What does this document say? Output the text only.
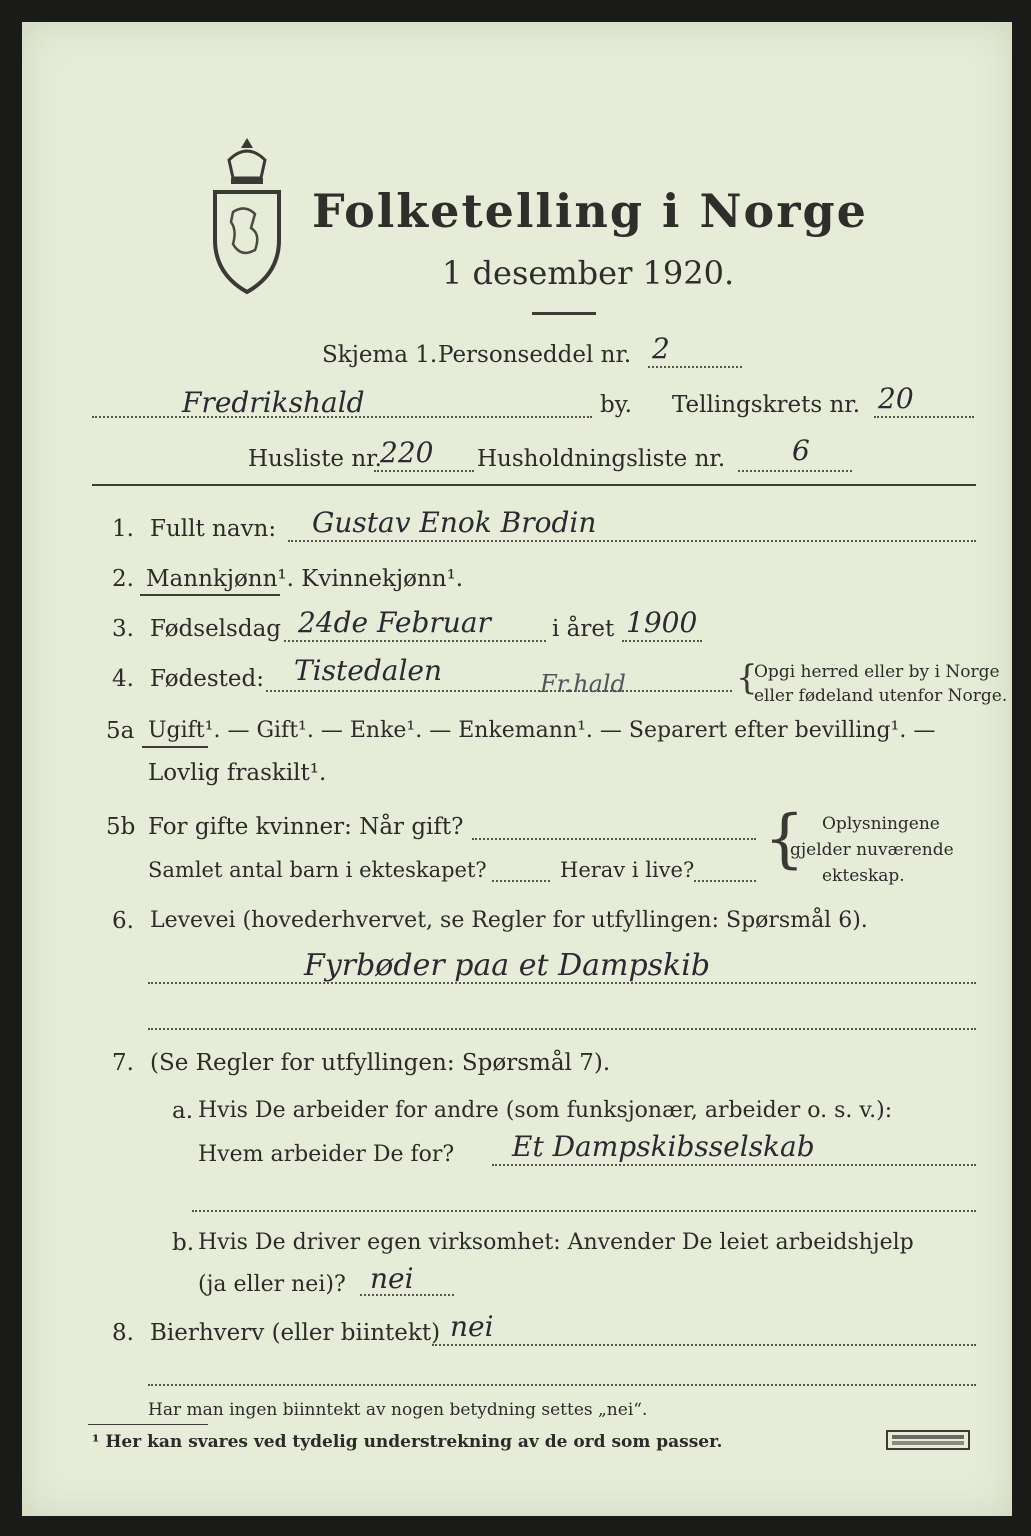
Folketelling i Norge
1 desember 1920.
Skjema 1. Personseddel nr. 2
Fredrikshald	by. Tellingskrets nr. 20
Husliste nr.
220 Husholdningsliste nr. 6
1. Fullt navn: Gustav Enok Brodin
2. Mannkjønn¹. Kvinnekjønn¹.
3. Fødselsdag 24de Februar	i året 1900
4. Fødested: Tistedalen	Fr.hald	{
Opgi herred eller by i Norge
eller fødeland utenfor Norge.
5a Ugift¹. — Gift¹. — Enke¹. — Enkemann¹. — Separert efter bevilling¹. —
Lovlig fraskilt¹.
5b For gifte kvinner: Når gift?
Samlet antal barn i ekteskapet?	Herav i live? { Oplysningene
gjelder nuværende
ekteskap.
6. Levevei (hovederhvervet, se Regler for utfyllingen: Spørsmål 6).
Fyrbøder paa et Dampskib
7. (Se Regler for utfyllingen: Spørsmål 7).
a. Hvis De arbeider for andre (som funksjonær, arbeider o. s. v.):
Hvem arbeider De for? Et Dampskibsselskab
b. Hvis De driver egen virksomhet: Anvender De leiet arbeidshjelp
(ja eller nei)? nei
8. Bierhverv (eller biintekt) nei
Har man ingen biinntekt av nogen betydning settes „nei“.
¹ Her kan svares ved tydelig understrekning av de ord som passer.
